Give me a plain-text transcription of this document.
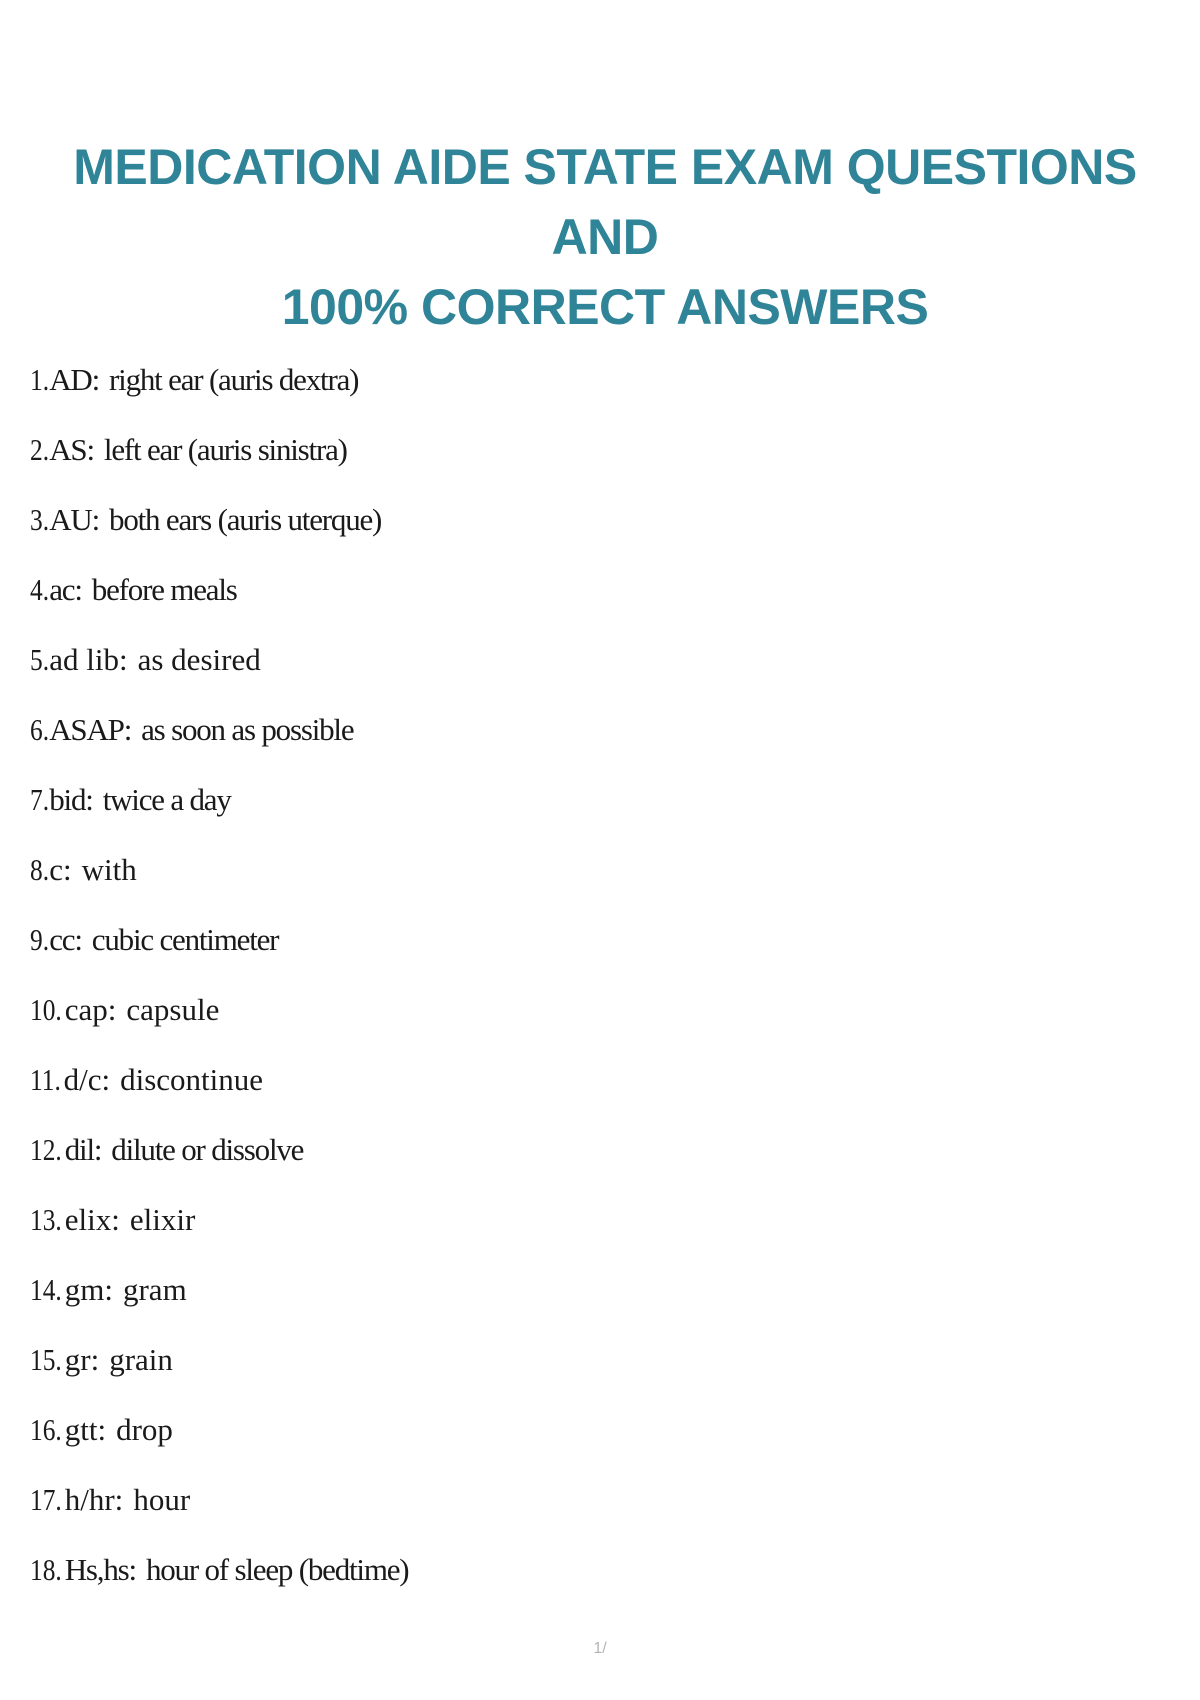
MEDICATION AIDE STATE EXAM QUESTIONS AND
100% CORRECT ANSWERS
1. AD: right ear (auris dextra)
2. AS: left ear (auris sinistra)
3. AU: both ears (auris uterque)
4. ac: before meals
5. ad lib: as desired
6. ASAP: as soon as possible
7. bid: twice a day
8. c: with
9. cc: cubic centimeter
10. cap: capsule
11. d/c: discontinue
12. dil: dilute or dissolve
13. elix: elixir
14. gm: gram
15. gr: grain
16. gtt: drop
17. h/hr: hour
18. Hs,hs: hour of sleep (bedtime)
1/
